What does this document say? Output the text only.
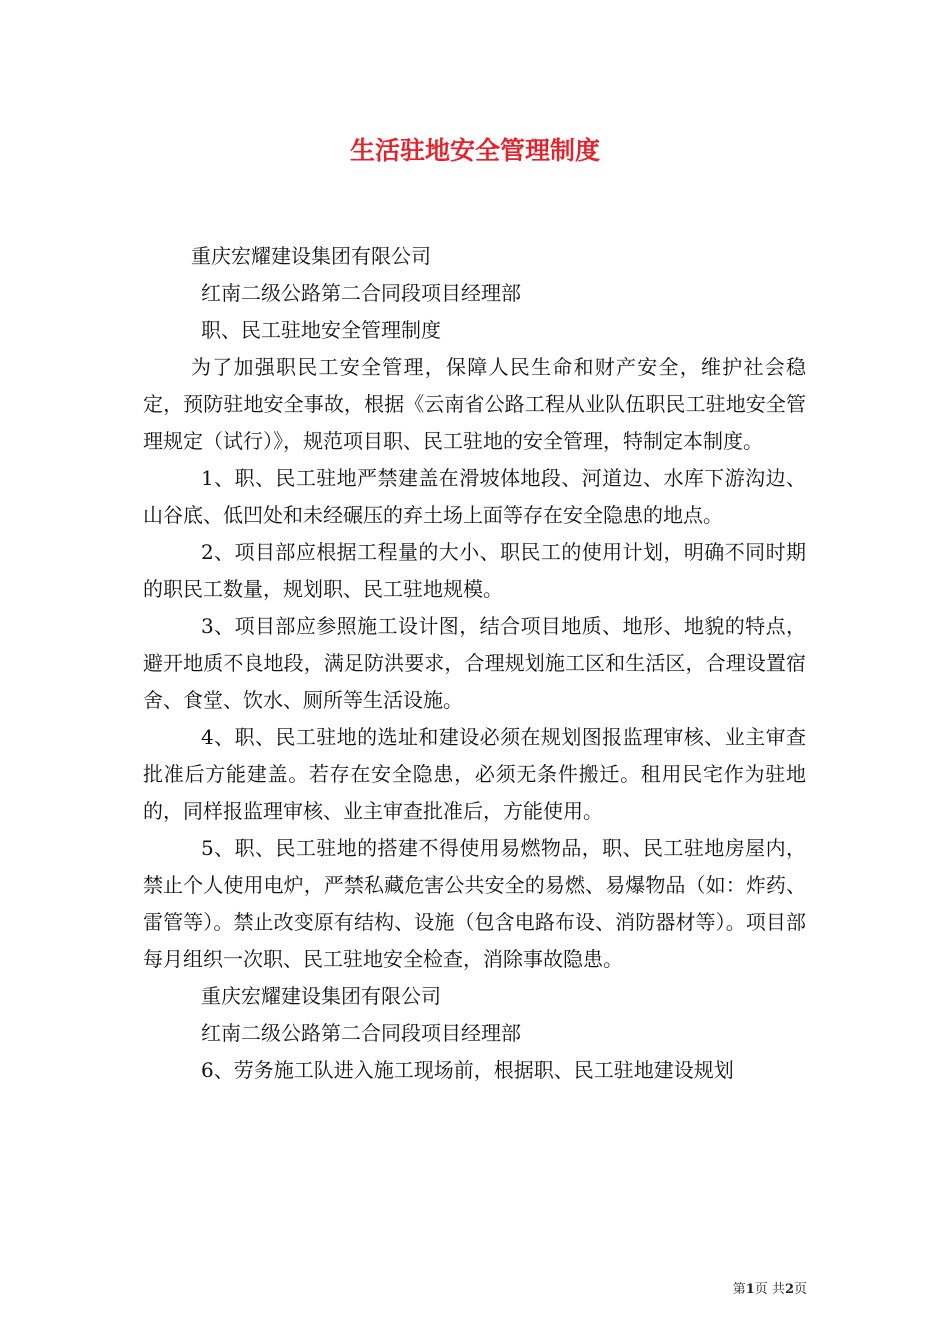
生活驻地安全管理制度

重庆宏耀建设集团有限公司

红南二级公路第二合同段项目经理部

职、民工驻地安全管理制度

为了加强职民工安全管理，保障人民生命和财产安全，维护社会稳定，预防驻地安全事故，根据《云南省公路工程从业队伍职民工驻地安全管理规定（试行）》，规范项目职、民工驻地的安全管理，特制定本制度。

1、职、民工驻地严禁建盖在滑坡体地段、河道边、水库下游沟边、山谷底、低凹处和未经碾压的弃土场上面等存在安全隐患的地点。

2、项目部应根据工程量的大小、职民工的使用计划，明确不同时期的职民工数量，规划职、民工驻地规模。

3、项目部应参照施工设计图，结合项目地质、地形、地貌的特点，避开地质不良地段，满足防洪要求，合理规划施工区和生活区，合理设置宿舍、食堂、饮水、厕所等生活设施。

4、职、民工驻地的选址和建设必须在规划图报监理审核、业主审查批准后方能建盖。若存在安全隐患，必须无条件搬迁。租用民宅作为驻地的，同样报监理审核、业主审查批准后，方能使用。

5、职、民工驻地的搭建不得使用易燃物品，职、民工驻地房屋内，禁止个人使用电炉，严禁私藏危害公共安全的易燃、易爆物品（如：炸药、雷管等）。禁止改变原有结构、设施（包含电路布设、消防器材等）。项目部每月组织一次职、民工驻地安全检查，消除事故隐患。

重庆宏耀建设集团有限公司

红南二级公路第二合同段项目经理部

6、劳务施工队进入施工现场前，根据职、民工驻地建设规划

第1页 共2页
